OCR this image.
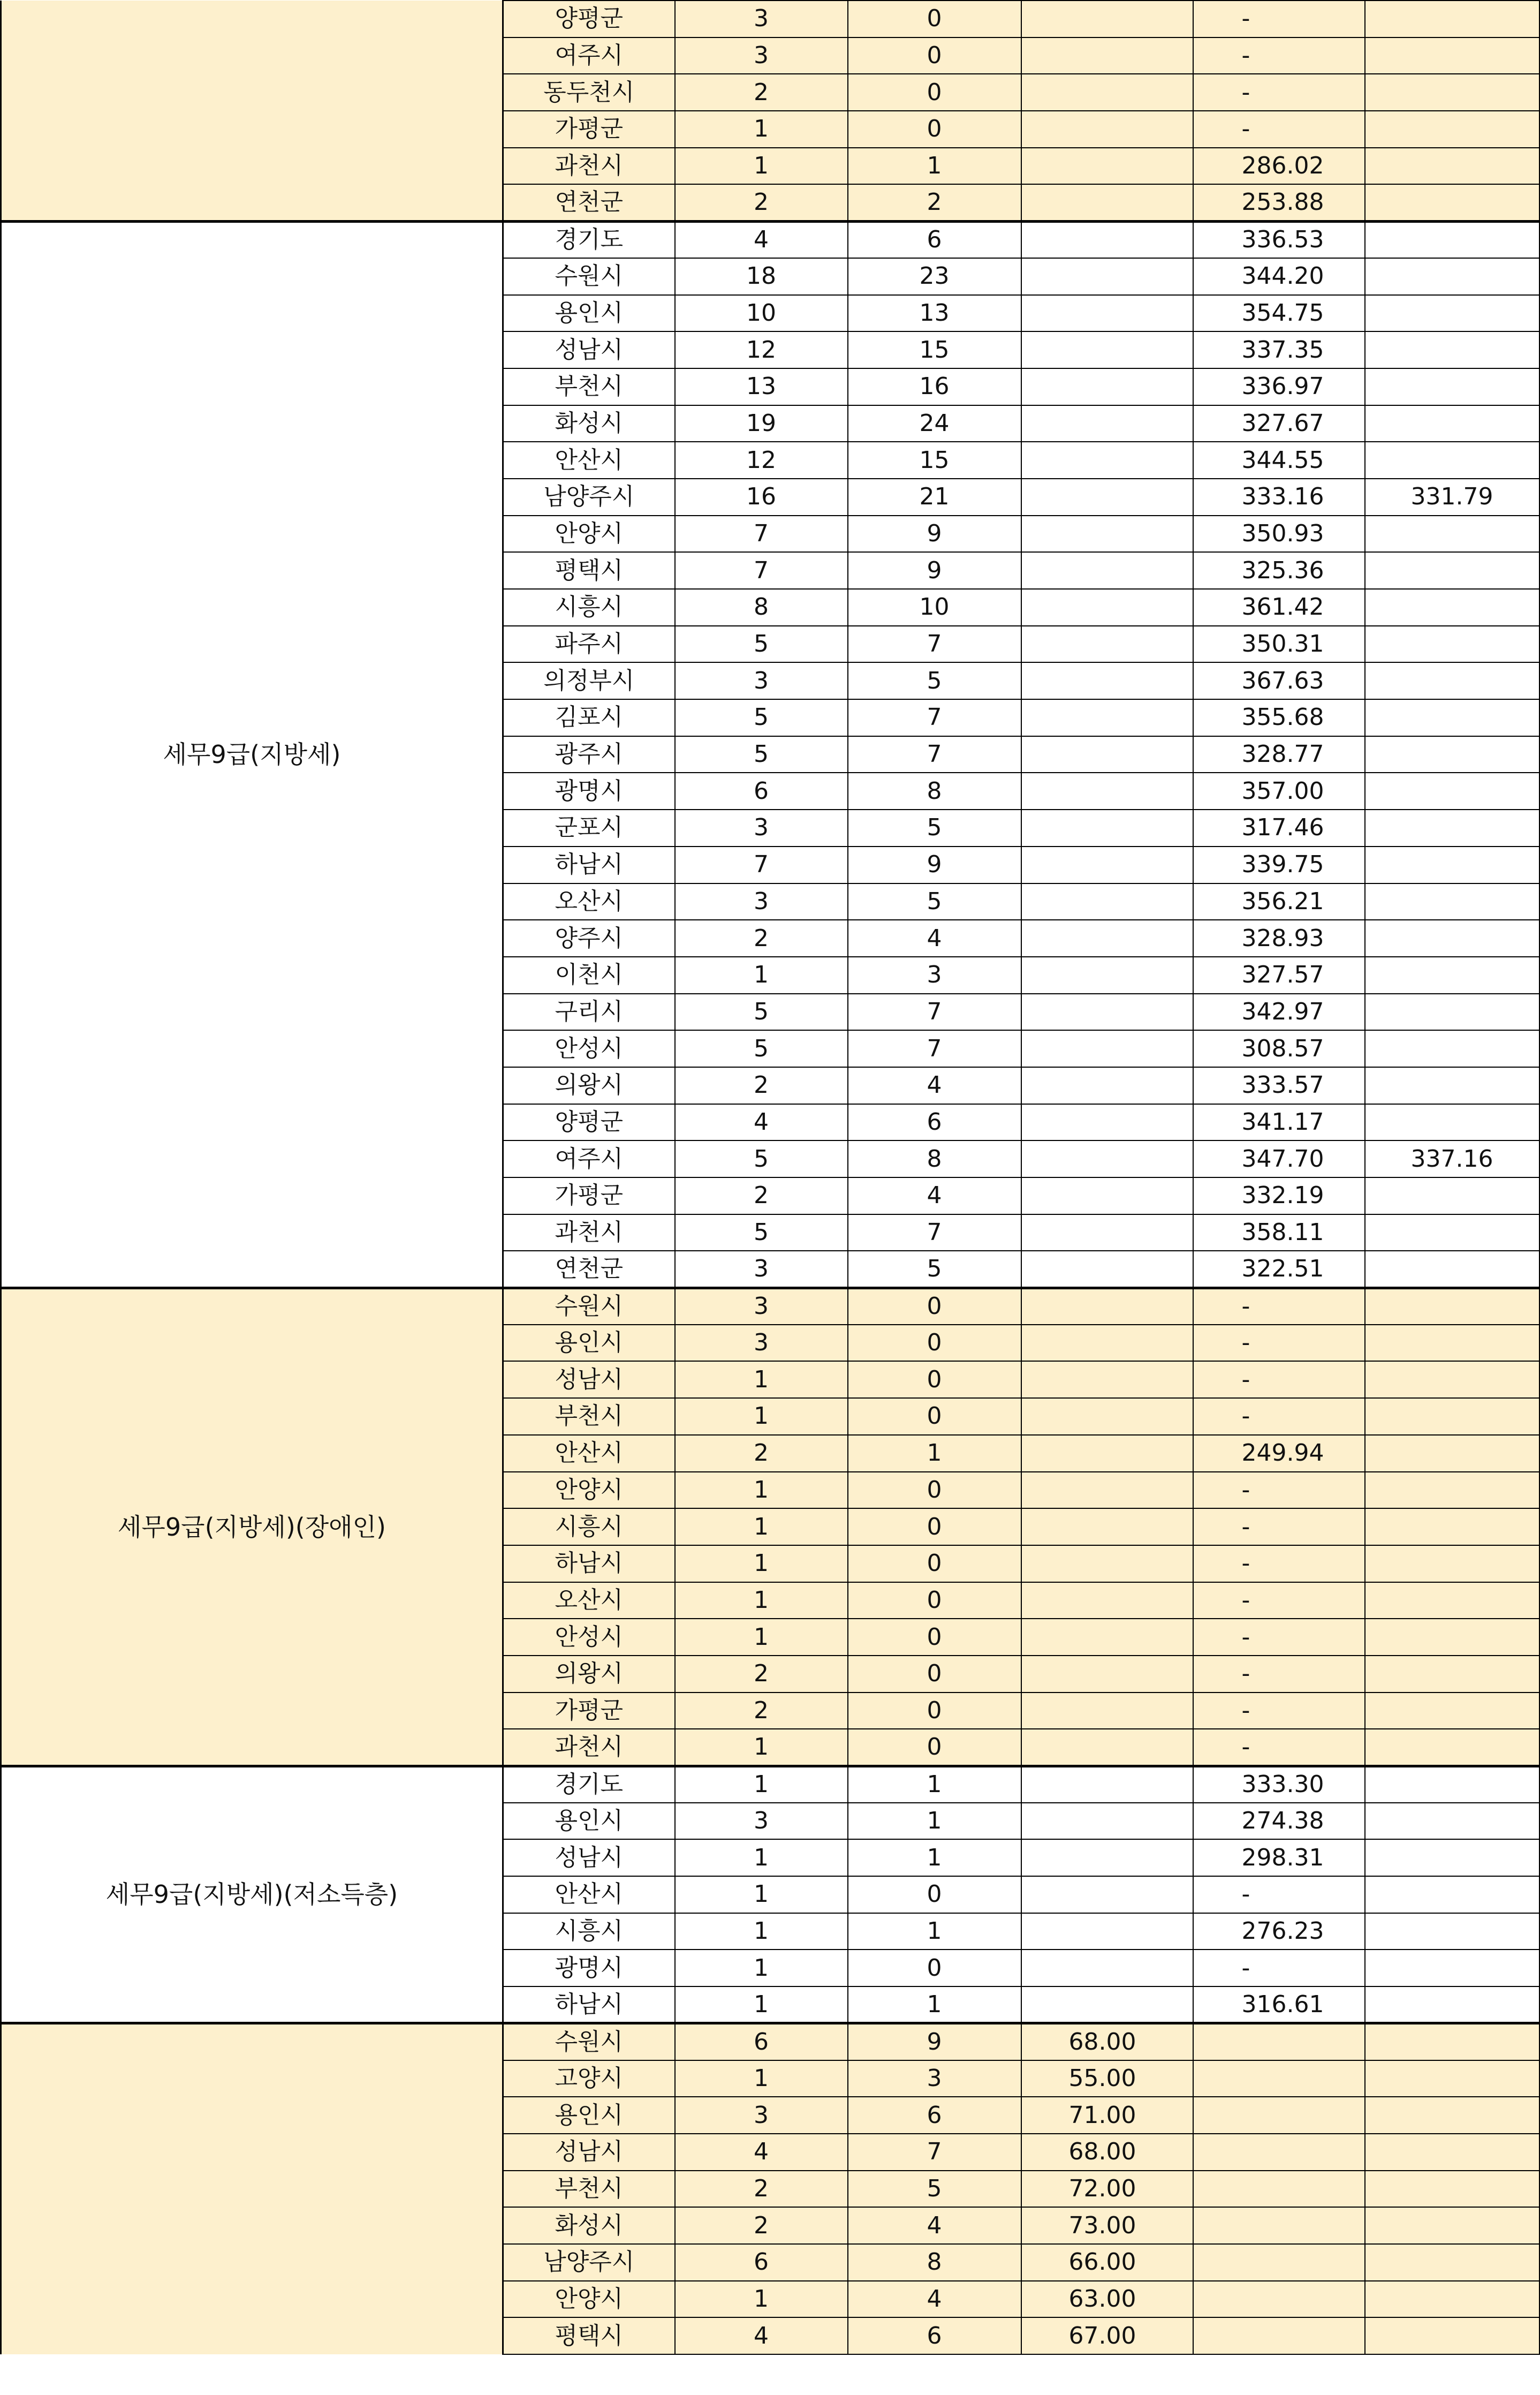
	양평군	3	0		-	
	여주시	3	0		-	
	동두천시	2	0		-	
	가평군	1	0		-	
	과천시	1	1		286.02	
	연천군	2	2		253.88	
세무9급(지방세)	경기도	4	6		336.53	
	수원시	18	23		344.20	
	용인시	10	13		354.75	
	성남시	12	15		337.35	
	부천시	13	16		336.97	
	화성시	19	24		327.67	
	안산시	12	15		344.55	
	남양주시	16	21		333.16	331.79
	안양시	7	9		350.93	
	평택시	7	9		325.36	
	시흥시	8	10		361.42	
	파주시	5	7		350.31	
	의정부시	3	5		367.63	
	김포시	5	7		355.68	
	광주시	5	7		328.77	
	광명시	6	8		357.00	
	군포시	3	5		317.46	
	하남시	7	9		339.75	
	오산시	3	5		356.21	
	양주시	2	4		328.93	
	이천시	1	3		327.57	
	구리시	5	7		342.97	
	안성시	5	7		308.57	
	의왕시	2	4		333.57	
	양평군	4	6		341.17	
	여주시	5	8		347.70	337.16
	가평군	2	4		332.19	
	과천시	5	7		358.11	
	연천군	3	5		322.51	
세무9급(지방세)(장애인)	수원시	3	0		-	
	용인시	3	0		-	
	성남시	1	0		-	
	부천시	1	0		-	
	안산시	2	1		249.94	
	안양시	1	0		-	
	시흥시	1	0		-	
	하남시	1	0		-	
	오산시	1	0		-	
	안성시	1	0		-	
	의왕시	2	0		-	
	가평군	2	0		-	
	과천시	1	0		-	
세무9급(지방세)(저소득층)	경기도	1	1		333.30	
	용인시	3	1		274.38	
	성남시	1	1		298.31	
	안산시	1	0		-	
	시흥시	1	1		276.23	
	광명시	1	0		-	
	하남시	1	1		316.61	
	수원시	6	9	68.00		
	고양시	1	3	55.00		
	용인시	3	6	71.00		
	성남시	4	7	68.00		
	부천시	2	5	72.00		
	화성시	2	4	73.00		
	남양주시	6	8	66.00		
	안양시	1	4	63.00		
	평택시	4	6	67.00		
